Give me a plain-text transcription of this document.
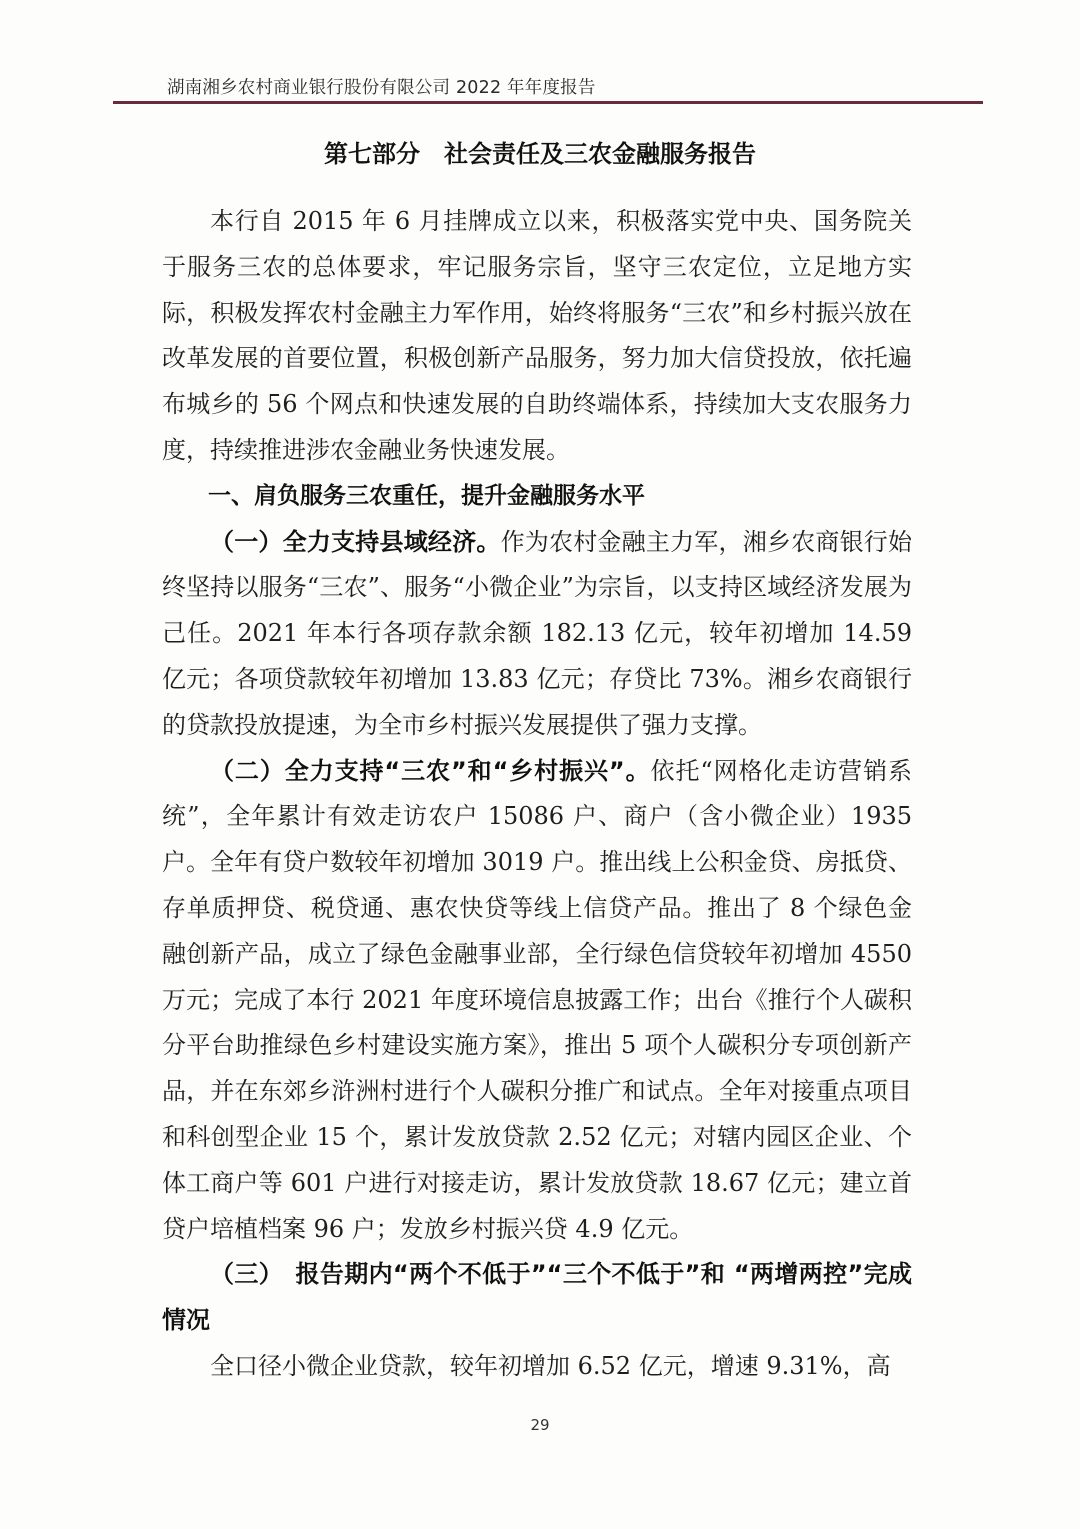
湖南湘乡农村商业银行股份有限公司 2022 年年度报告
第七部分　社会责任及三农金融服务报告

本行自 2015 年 6 月挂牌成立以来，积极落实党中央、国务院关于服务三农的总体要求，牢记服务宗旨，坚守三农定位，立足地方实际，积极发挥农村金融主力军作用，始终将服务“三农”和乡村振兴放在改革发展的首要位置，积极创新产品服务，努力加大信贷投放，依托遍布城乡的 56 个网点和快速发展的自助终端体系，持续加大支农服务力度，持续推进涉农金融业务快速发展。

一、肩负服务三农重任，提升金融服务水平

（一）全力支持县域经济。作为农村金融主力军，湘乡农商银行始终坚持以服务“三农”、服务“小微企业”为宗旨，以支持区域经济发展为己任。2021 年本行各项存款余额 182.13 亿元，较年初增加 14.59 亿元；各项贷款较年初增加 13.83 亿元；存贷比 73%。湘乡农商银行的贷款投放提速，为全市乡村振兴发展提供了强力支撑。

（二）全力支持“三农”和“乡村振兴”。依托“网格化走访营销系统”，全年累计有效走访农户 15086 户、商户（含小微企业）1935 户。全年有贷户数较年初增加 3019 户。推出线上公积金贷、房抵贷、存单质押贷、税贷通、惠农快贷等线上信贷产品。推出了 8 个绿色金融创新产品，成立了绿色金融事业部，全行绿色信贷较年初增加 4550 万元；完成了本行 2021 年度环境信息披露工作；出台《推行个人碳积分平台助推绿色乡村建设实施方案》，推出 5 项个人碳积分专项创新产品，并在东郊乡浒洲村进行个人碳积分推广和试点。全年对接重点项目和科创型企业 15 个，累计发放贷款 2.52 亿元；对辖内园区企业、个体工商户等 601 户进行对接走访，累计发放贷款 18.67 亿元；建立首贷户培植档案 96 户；发放乡村振兴贷 4.9 亿元。

（三）　报告期内“两个不低于”“三个不低于”和 “两增两控”完成情况

全口径小微企业贷款，较年初增加 6.52 亿元，增速 9.31%，高

29
